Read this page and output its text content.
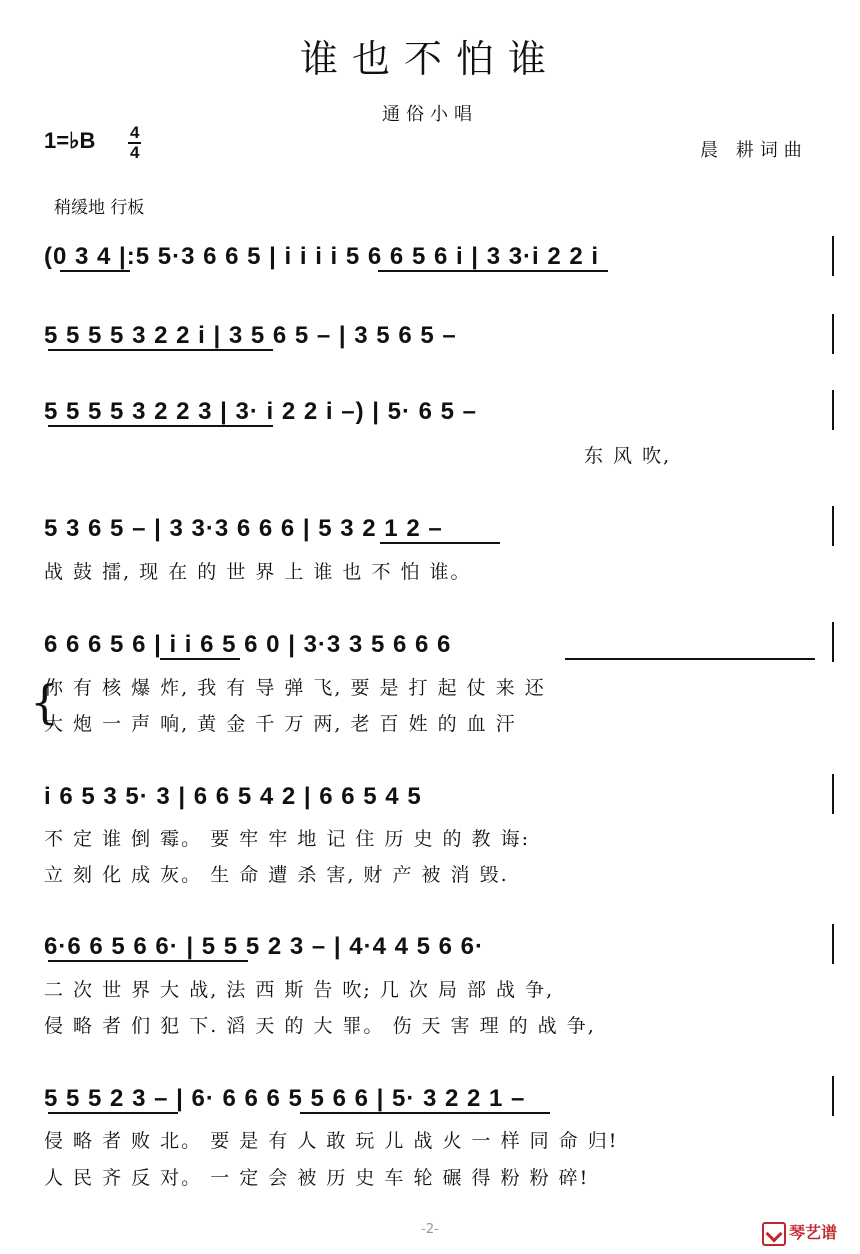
谁也不怕谁
通俗小唱
1=♭B 4
4	晨 耕词曲
稍缓地 行板
(0 3 4 |:5 5·3 6 6 5 | i i i i 5 6 6 5 6 i | 3 3·i 2 2 i
5 5 5 5 3 2 2 i | 3 5 6 5 – | 3 5 6 5 –
5 5 5 5 3 2 2 3 | 3· i 2 2 i –) | 5· 6 5 –
东 风 吹,
5 3 6 5 – | 3 3·3 6 6 6 | 5 3 2 1 2 –
战 鼓 擂, 现 在 的 世 界 上 谁 也 不 怕 谁。
6 6 6 5 6 | i i 6 5 6 0 | 3·3 3 5 6 6 6
{
你 有 核 爆 炸, 我 有 导 弹 飞, 要 是 打 起 仗 来 还
大 炮 一 声 响, 黄 金 千 万 两, 老 百 姓 的 血 汗
i 6 5 3 5· 3 | 6 6 5 4 2 | 6 6 5 4 5
不 定 谁 倒 霉。 要 牢 牢 地 记 住 历 史 的 教 诲:
立 刻 化 成 灰。 生 命 遭 杀 害, 财 产 被 消 毁.
6·6 6 5 6 6· | 5 5 5 2 3 – | 4·4 4 5 6 6·
二 次 世 界 大 战, 法 西 斯 告 吹; 几 次 局 部 战 争,
侵 略 者 们 犯 下. 滔 天 的 大 罪。 伤 天 害 理 的 战 争,
5 5 5 2 3 – | 6· 6 6 6 5 5 6 6 | 5· 3 2 2 1 –
侵 略 者 败 北。 要 是 有 人 敢 玩 儿 战 火 一 样 同 命 归!
人 民 齐 反 对。 一 定 会 被 历 史 车 轮 碾 得 粉 粉 碎!
-2-	琴艺谱
